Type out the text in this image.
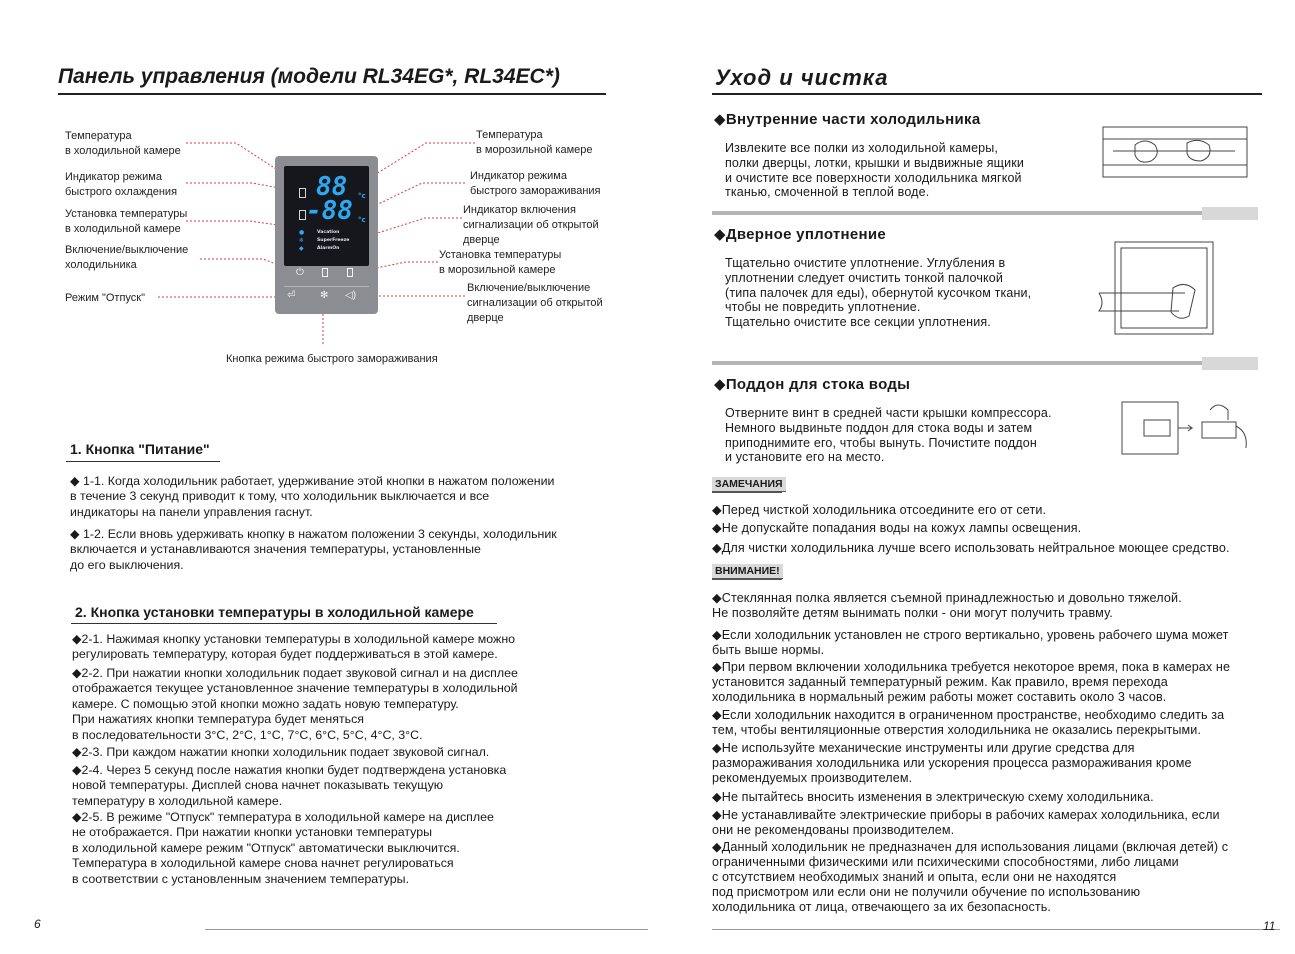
Панель управления (модели RL34EG*, RL34EC*)
Температура
в холодильной камере
Индикатор режима
быстрого охлаждения
Установка температуры
в холодильной камере
Включение/выключение
холодильника
Режим "Отпуск"
Температура
в морозильной камере
Индикатор режима
быстрого замораживания
Индикатор включения
сигнализации об открытой
дверце
Установка температуры
в морозильной камере
Включение/выключение
сигнализации об открытой
дверце
Кнопка режима быстрого замораживания
88 °c
-88 °c
●
❄
◆
Vacation
SuperFreeze
AlarmOn
⏻
⏎ ✻ ◁)
1. Кнопка "Питание"
◆ 1-1. Когда холодильник работает, удерживание этой кнопки в нажатом положении
в течение 3 секунд приводит к тому, что холодильник выключается и все
индикаторы на панели управления гаснут.
◆ 1-2. Если вновь удерживать кнопку в нажатом положении 3 секунды, холодильник
включается и устанавливаются значения температуры, установленные
до его выключения.
2. Кнопка установки температуры в холодильной камере
◆2-1. Нажимая кнопку установки температуры в холодильной камере можно
регулировать температуру, которая будет поддерживаться в этой камере.
◆2-2. При нажатии кнопки холодильник подает звуковой сигнал и на дисплее
отображается текущее установленное значение температуры в холодильной
камере. С помощью этой кнопки можно задать новую температуру.
При нажатиях кнопки температура будет меняться
в последовательности 3°C, 2°C, 1°C, 7°C, 6°C, 5°C, 4°C, 3°C.
◆2-3. При каждом нажатии кнопки холодильник подает звуковой сигнал.
◆2-4. Через 5 секунд после нажатия кнопки будет подтверждена установка
новой температуры. Дисплей снова начнет показывать текущую
температуру в холодильной камере.
◆2-5. В режиме "Отпуск" температура в холодильной камере на дисплее
не отображается. При нажатии кнопки установки температуры
в холодильной камере режим "Отпуск" автоматически выключится.
Температура в холодильной камере снова начнет регулироваться
в соответствии с установленным значением температуры.
6
Уход и чистка
◆Внутренние части холодильника
Извлеките все полки из холодильной камеры,
полки дверцы, лотки, крышки и выдвижные ящики
и очистите все поверхности холодильника мягкой
тканью, смоченной в теплой воде.
◆Дверное уплотнение
Тщательно очистите уплотнение. Углубления в
уплотнении следует очистить тонкой палочкой
(типа палочек для еды), обернутой кусочком ткани,
чтобы не повредить уплотнение.
Тщательно очистите все секции уплотнения.
◆Поддон для стока воды
Отверните винт в средней части крышки компрессора.
Немного выдвиньте поддон для стока воды и затем
приподнимите его, чтобы вынуть. Почистите поддон
и установите его на место.
ЗАМЕЧАНИЯ
◆Перед чисткой холодильника отсоедините его от сети.
◆Не допускайте попадания воды на кожух лампы освещения.
◆Для чистки холодильника лучше всего использовать нейтральное моющее средство.
ВНИМАНИЕ!
◆Стеклянная полка является съемной принадлежностью и довольно тяжелой.
Не позволяйте детям вынимать полки - они могут получить травму.
◆Если холодильник установлен не строго вертикально, уровень рабочего шума может
быть выше нормы.
◆При первом включении холодильника требуется некоторое время, пока в камерах не
установится заданный температурный режим. Как правило, время перехода
холодильника в нормальный режим работы может составить около 3 часов.
◆Если холодильник находится в ограниченном пространстве, необходимо следить за
тем, чтобы вентиляционные отверстия холодильника не оказались перекрытыми.
◆Не используйте механические инструменты или другие средства для
размораживания холодильника или ускорения процесса размораживания кроме
рекомендуемых производителем.
◆Не пытайтесь вносить изменения в электрическую схему холодильника.
◆Не устанавливайте электрические приборы в рабочих камерах холодильника, если
они не рекомендованы производителем.
◆Данный холодильник не предназначен для использования лицами (включая детей) с
ограниченными физическими или психическими способностями, либо лицами
с отсутствием необходимых знаний и опыта, если они не находятся
под присмотром или если они не получили обучение по использованию
холодильника от лица, отвечающего за их безопасность.
11
